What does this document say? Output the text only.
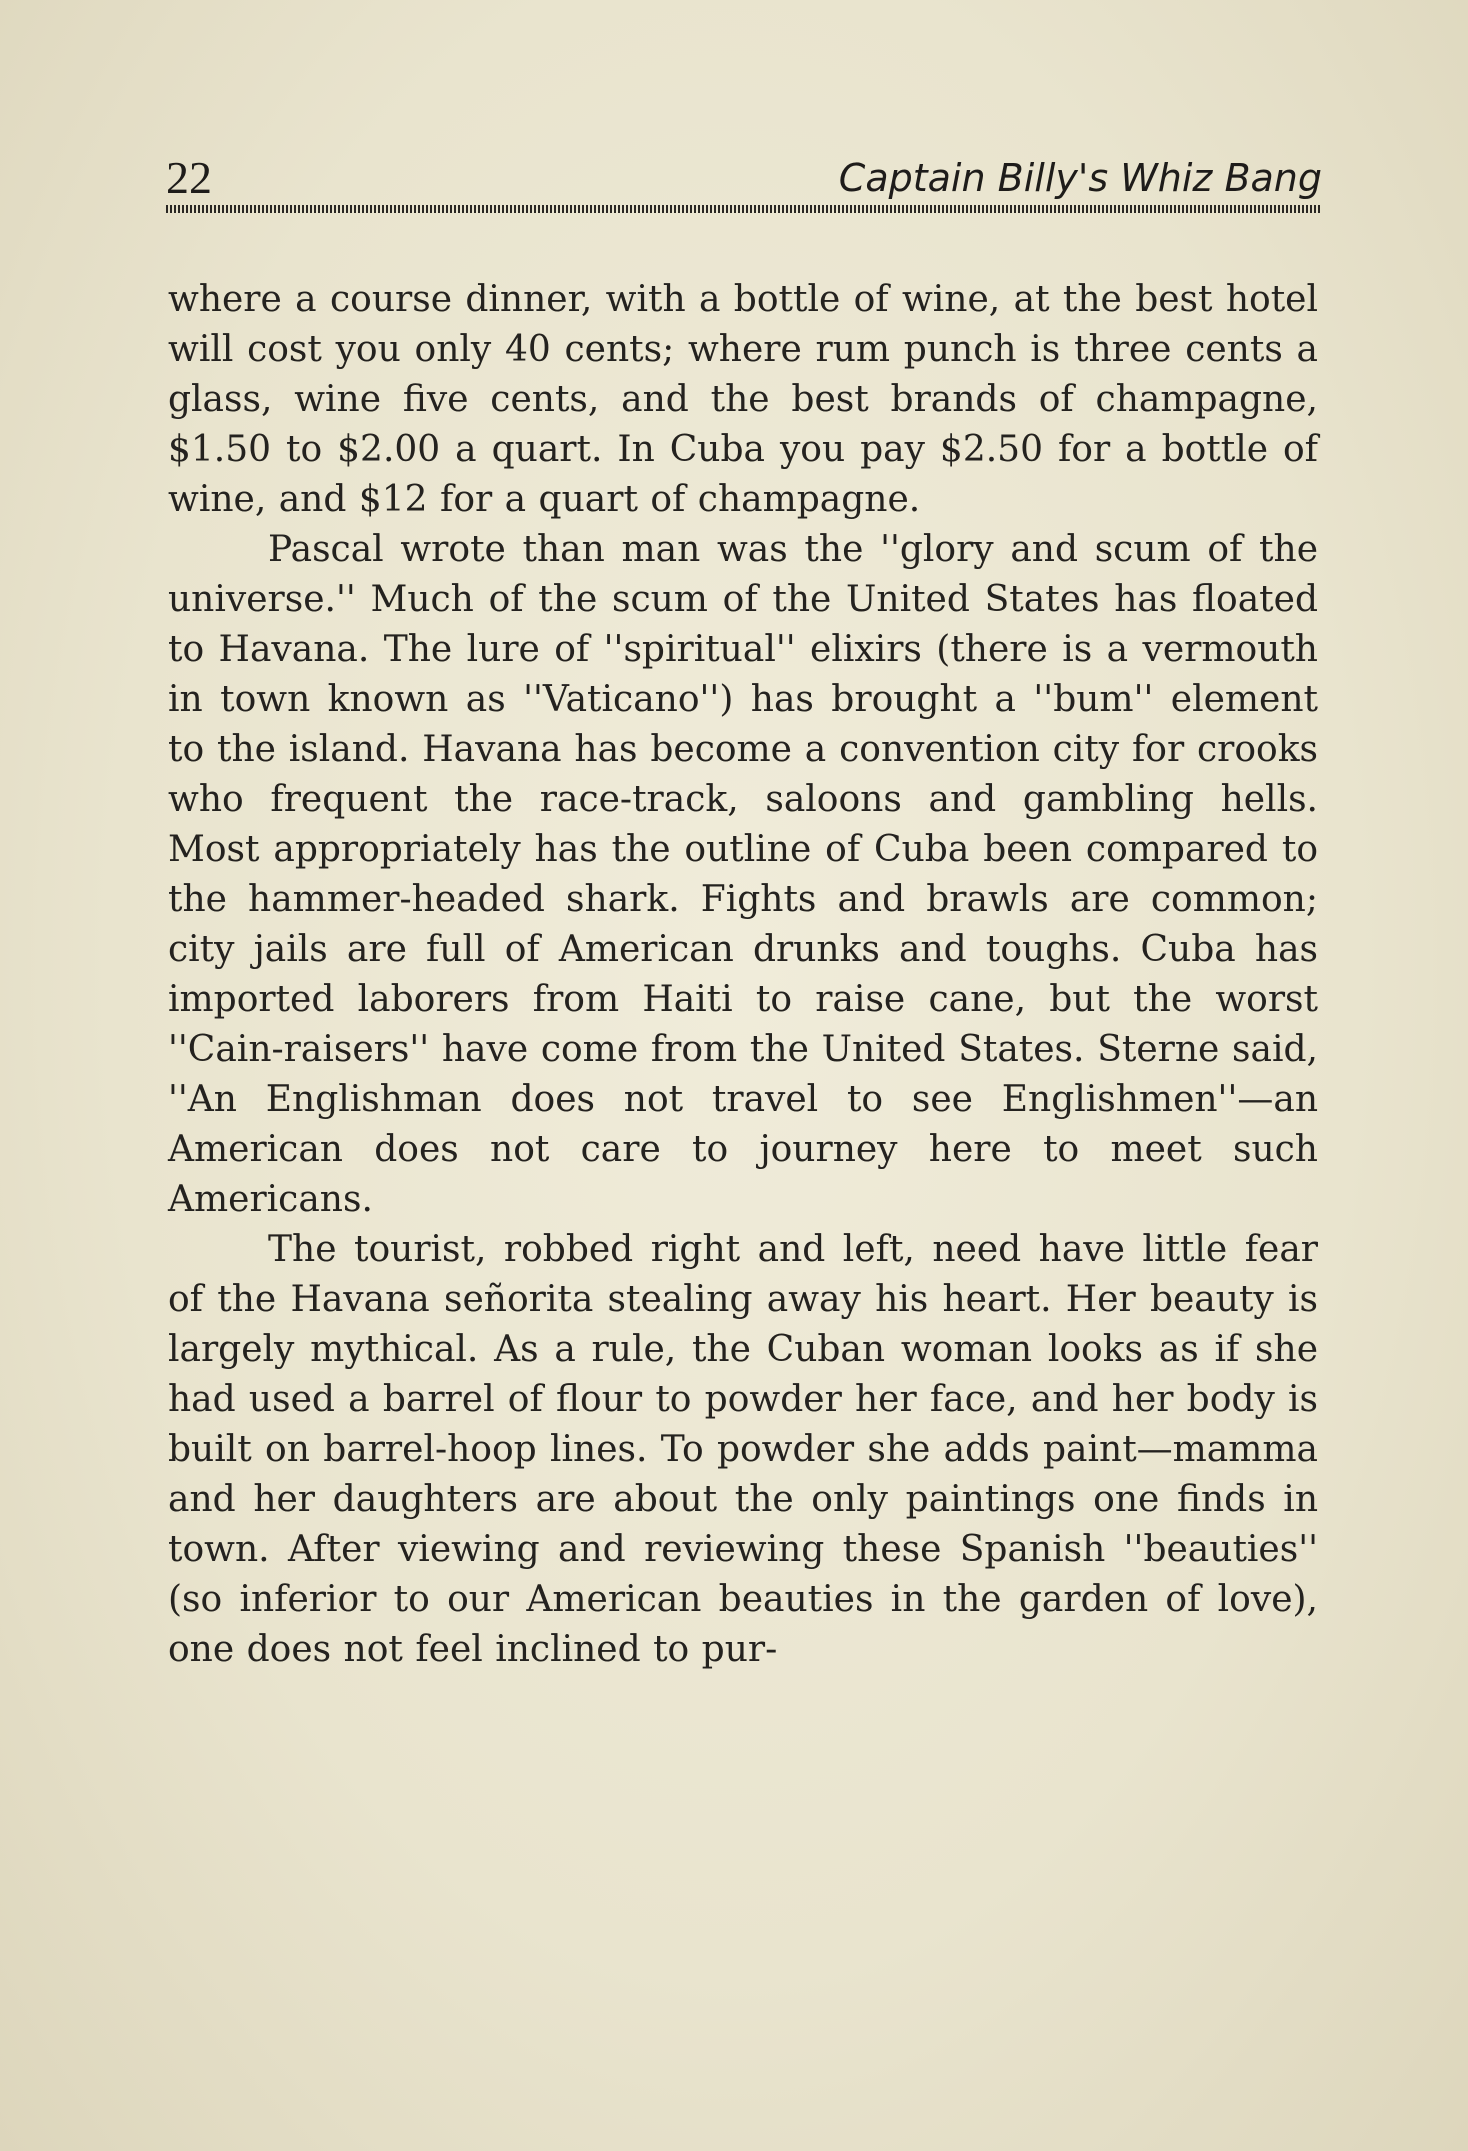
22	Captain Billy's Whiz Bang

where a course dinner, with a bottle of wine, at the best hotel will cost you only 40 cents; where rum punch is three cents a glass, wine five cents, and the best brands of champagne, $1.50 to $2.00 a quart. In Cuba you pay $2.50 for a bottle of wine, and $12 for a quart of champagne.

Pascal wrote than man was the ''glory and scum of the universe.'' Much of the scum of the United States has floated to Havana. The lure of ''spiritual'' elixirs (there is a vermouth in town known as ''Vaticano'') has brought a ''bum'' element to the island. Havana has become a convention city for crooks who frequent the race-track, saloons and gambling hells. Most appropriately has the outline of Cuba been compared to the hammer-headed shark. Fights and brawls are common; city jails are full of American drunks and toughs. Cuba has imported laborers from Haiti to raise cane, but the worst ''Cain-raisers'' have come from the United States. Sterne said, ''An Englishman does not travel to see Englishmen''—an American does not care to journey here to meet such Americans.

The tourist, robbed right and left, need have little fear of the Havana señorita stealing away his heart. Her beauty is largely mythical. As a rule, the Cuban woman looks as if she had used a barrel of flour to powder her face, and her body is built on barrel-hoop lines. To powder she adds paint—mamma and her daughters are about the only paintings one finds in town. After viewing and reviewing these Spanish ''beauties'' (so inferior to our American beauties in the garden of love), one does not feel inclined to pur-
